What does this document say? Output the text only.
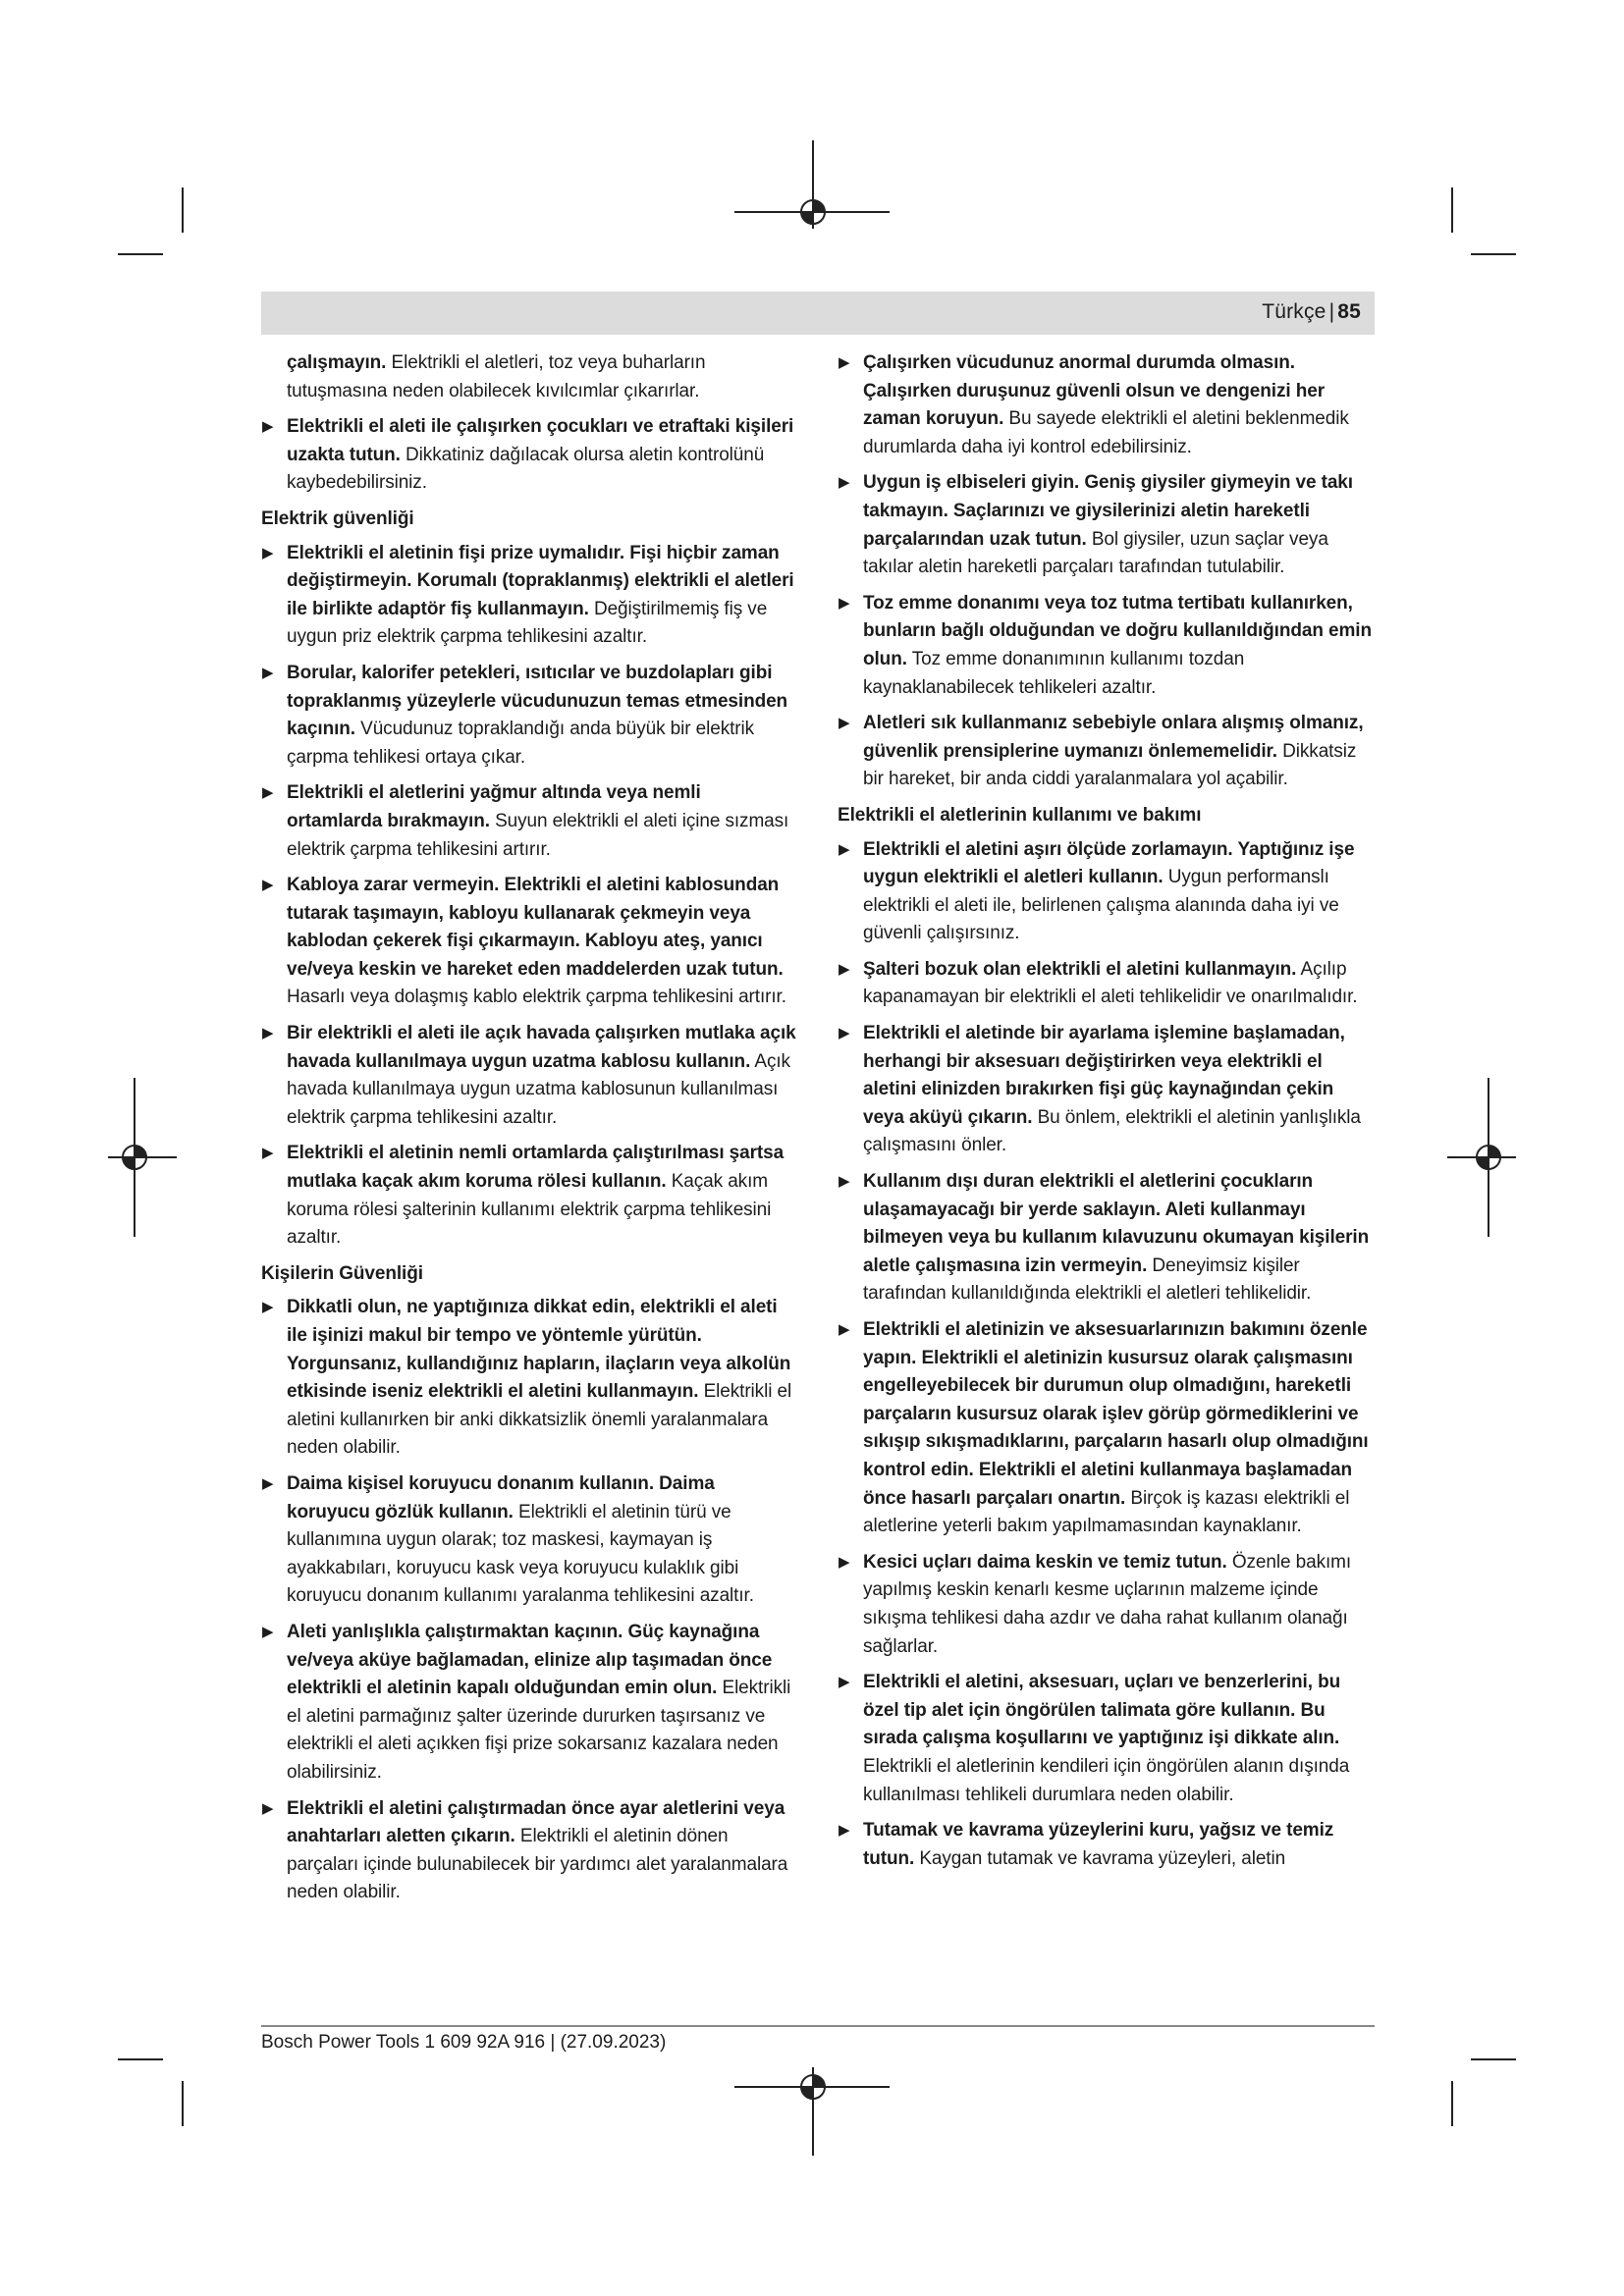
Türkçe | 85
çalışmayın. Elektrikli el aletleri, toz veya buharların tutuşmasına neden olabilecek kıvılcımlar çıkarırlar.
▶ Elektrikli el aleti ile çalışırken çocukları ve etraftaki kişileri uzakta tutun. Dikkatiniz dağılacak olursa aletin kontrolünü kaybedebilirsiniz.
Elektrik güvenliği
▶ Elektrikli el aletinin fişi prize uymalıdır. Fişi hiçbir zaman değiştirmeyin. Korumalı (topraklanmış) elektrikli el aletleri ile birlikte adaptör fiş kullanmayın. Değiştirilmemiş fiş ve uygun priz elektrik çarpma tehlikesini azaltır.
▶ Borular, kalorifer petekleri, ısıtıcılar ve buzdolapları gibi topraklanmış yüzeylerle vücudunuzun temas etmesinden kaçının. Vücudunuz topraklandığı anda büyük bir elektrik çarpma tehlikesi ortaya çıkar.
▶ Elektrikli el aletlerini yağmur altında veya nemli ortamlarda bırakmayın. Suyun elektrikli el aleti içine sızması elektrik çarpma tehlikesini artırır.
▶ Kabloya zarar vermeyin. Elektrikli el aletini kablosundan tutarak taşımayın, kabloyu kullanarak çekmeyin veya kablodan çekerek fişi çıkarmayın. Kabloyu ateş, yanıcı ve/veya keskin ve hareket eden maddelerden uzak tutun. Hasarlı veya dolaşmış kablo elektrik çarpma tehlikesini artırır.
▶ Bir elektrikli el aleti ile açık havada çalışırken mutlaka açık havada kullanılmaya uygun uzatma kablosu kullanın. Açık havada kullanılmaya uygun uzatma kablosunun kullanılması elektrik çarpma tehlikesini azaltır.
▶ Elektrikli el aletinin nemli ortamlarda çalıştırılması şartsa mutlaka kaçak akım koruma rölesi kullanın. Kaçak akım koruma rölesi şalterinin kullanımı elektrik çarpma tehlikesini azaltır.
Kişilerin Güvenliği
▶ Dikkatli olun, ne yaptığınıza dikkat edin, elektrikli el aleti ile işinizi makul bir tempo ve yöntemle yürütün. Yorgunsanız, kullandığınız hapların, ilaçların veya alkolün etkisinde iseniz elektrikli el aletini kullanmayın. Elektrikli el aletini kullanırken bir anki dikkatsizlik önemli yaralanmalara neden olabilir.
▶ Daima kişisel koruyucu donanım kullanın. Daima koruyucu gözlük kullanın. Elektrikli el aletinin türü ve kullanımına uygun olarak; toz maskesi, kaymayan iş ayakkabıları, koruyucu kask veya koruyucu kulaklık gibi koruyucu donanım kullanımı yaralanma tehlikesini azaltır.
▶ Aleti yanlışlıkla çalıştırmaktan kaçının. Güç kaynağına ve/veya aküye bağlamadan, elinize alıp taşımadan önce elektrikli el aletinin kapalı olduğundan emin olun. Elektrikli el aletini parmağınız şalter üzerinde dururken taşırsanız ve elektrikli el aleti açıkken fişi prize sokarsanız kazalara neden olabilirsiniz.
▶ Elektrikli el aletini çalıştırmadan önce ayar aletlerini veya anahtarları aletten çıkarın. Elektrikli el aletinin dönen parçaları içinde bulunabilecek bir yardımcı alet yaralanmalara neden olabilir.
▶ Çalışırken vücudunuz anormal durumda olmasın. Çalışırken duruşunuz güvenli olsun ve dengenizi her zaman koruyun. Bu sayede elektrikli el aletini beklenmedik durumlarda daha iyi kontrol edebilirsiniz.
▶ Uygun iş elbiseleri giyin. Geniş giysiler giymeyin ve takı takmayın. Saçlarınızı ve giysilerinizi aletin hareketli parçalarından uzak tutun. Bol giysiler, uzun saçlar veya takılar aletin hareketli parçaları tarafından tutulabilir.
▶ Toz emme donanımı veya toz tutma tertibatı kullanırken, bunların bağlı olduğundan ve doğru kullanıldığından emin olun. Toz emme donanımının kullanımı tozdan kaynaklanabilecek tehlikeleri azaltır.
▶ Aletleri sık kullanmanız sebebiyle onlara alışmış olmanız, güvenlik prensiplerine uymanızı önlememelidir. Dikkatsiz bir hareket, bir anda ciddi yaralanmalara yol açabilir.
Elektrikli el aletlerinin kullanımı ve bakımı
▶ Elektrikli el aletini aşırı ölçüde zorlamayın. Yaptığınız işe uygun elektrikli el aletleri kullanın. Uygun performanslı elektrikli el aleti ile, belirlenen çalışma alanında daha iyi ve güvenli çalışırsınız.
▶ Şalteri bozuk olan elektrikli el aletini kullanmayın. Açılıp kapanamayan bir elektrikli el aleti tehlikelidir ve onarılmalıdır.
▶ Elektrikli el aletinde bir ayarlama işlemine başlamadan, herhangi bir aksesuarı değiştirirken veya elektrikli el aletini elinizden bırakırken fişi güç kaynağından çekin veya aküyü çıkarın. Bu önlem, elektrikli el aletinin yanlışlıkla çalışmasını önler.
▶ Kullanım dışı duran elektrikli el aletlerini çocukların ulaşamayacağı bir yerde saklayın. Aleti kullanmayı bilmeyen veya bu kullanım kılavuzunu okumayan kişilerin aletle çalışmasına izin vermeyin. Deneyimsiz kişiler tarafından kullanıldığında elektrikli el aletleri tehlikelidir.
▶ Elektrikli el aletinizin ve aksesuarlarınızın bakımını özenle yapın. Elektrikli el aletinizin kusursuz olarak çalışmasını engelleyebilecek bir durumun olup olmadığını, hareketli parçaların kusursuz olarak işlev görüp görmediklerini ve sıkışıp sıkışmadıklarını, parçaların hasarlı olup olmadığını kontrol edin. Elektrikli el aletini kullanmaya başlamadan önce hasarlı parçaları onartın. Birçok iş kazası elektrikli el aletlerine yeterli bakım yapılmamasından kaynaklanır.
▶ Kesici uçları daima keskin ve temiz tutun. Özenle bakımı yapılmış keskin kenarlı kesme uçlarının malzeme içinde sıkışma tehlikesi daha azdır ve daha rahat kullanım olanağı sağlarlar.
▶ Elektrikli el aletini, aksesuarı, uçları ve benzerlerini, bu özel tip alet için öngörülen talimata göre kullanın. Bu sırada çalışma koşullarını ve yaptığınız işi dikkate alın. Elektrikli el aletlerinin kendileri için öngörülen alanın dışında kullanılması tehlikeli durumlara neden olabilir.
▶ Tutamak ve kavrama yüzeylerini kuru, yağsız ve temiz tutun. Kaygan tutamak ve kavrama yüzeyleri, aletin
Bosch Power Tools 1 609 92A 916 | (27.09.2023)
